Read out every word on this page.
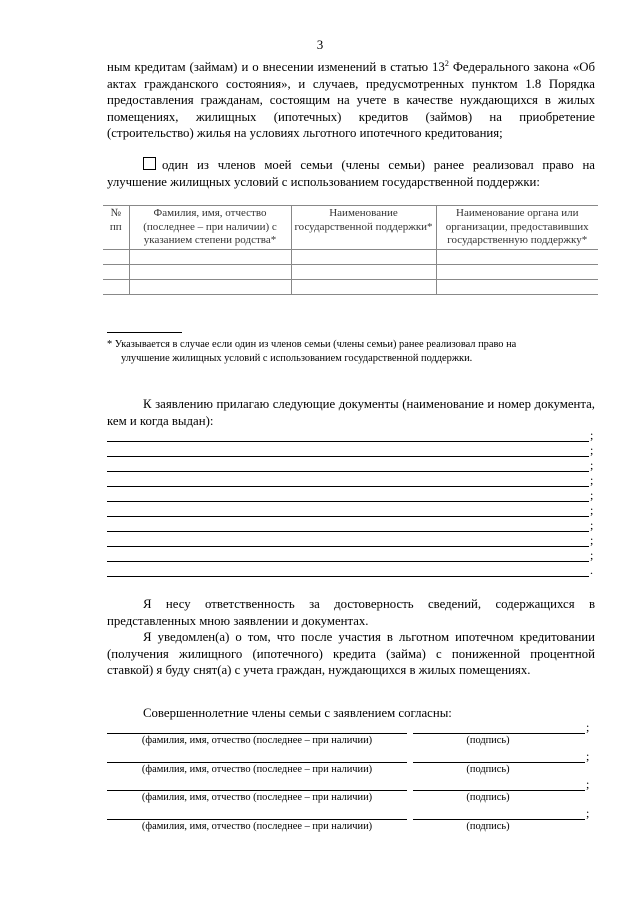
3

ным кредитам (займам) и о внесении изменений в статью $13^2$ Федерального закона «Об актах гражданского состояния», и случаев, предусмотренных пунктом 1.8 Порядка предоставления гражданам, состоящим на учете в качестве нуждающихся в жилых помещениях, жилищных (ипотечных) кредитов (займов) на приобретение (строительство) жилья на условиях льготного ипотечного кредитования;

один из членов моей семьи (члены семьи) ранее реализовал право на улучшение жилищных условий с использованием государственной поддержки:
№ пп	Фамилия, имя, отчество (последнее – при наличии) с указанием степени родства*	Наименование государственной поддержки*	Наименование органа или организации, предоставивших государственную поддержку*

* Указывается в случае если один из членов семьи (члены семьи) ранее реализовал право на

улучшение жилищных условий с использованием государственной поддержки.

К заявлению прилагаю следующие документы (наименование и номер документа, кем и когда выдан):

;
;
;
;
;
;
;
;
;
.

Я несу ответственность за достоверность сведений, содержащихся в представленных мною заявлении и документах.

Я уведомлен(а) о том, что после участия в льготном ипотечном кредитовании (получения жилищного (ипотечного) кредита (займа) с пониженной процентной ставкой) я буду снят(а) с учета граждан, нуждающихся в жилых помещениях.

Совершеннолетние члены семьи с заявлением согласны:

;
(фамилия, имя, отчество (последнее – при наличии)	(подпись)
;
(фамилия, имя, отчество (последнее – при наличии)	(подпись)
;
(фамилия, имя, отчество (последнее – при наличии)	(подпись)
;
(фамилия, имя, отчество (последнее – при наличии)	(подпись)
